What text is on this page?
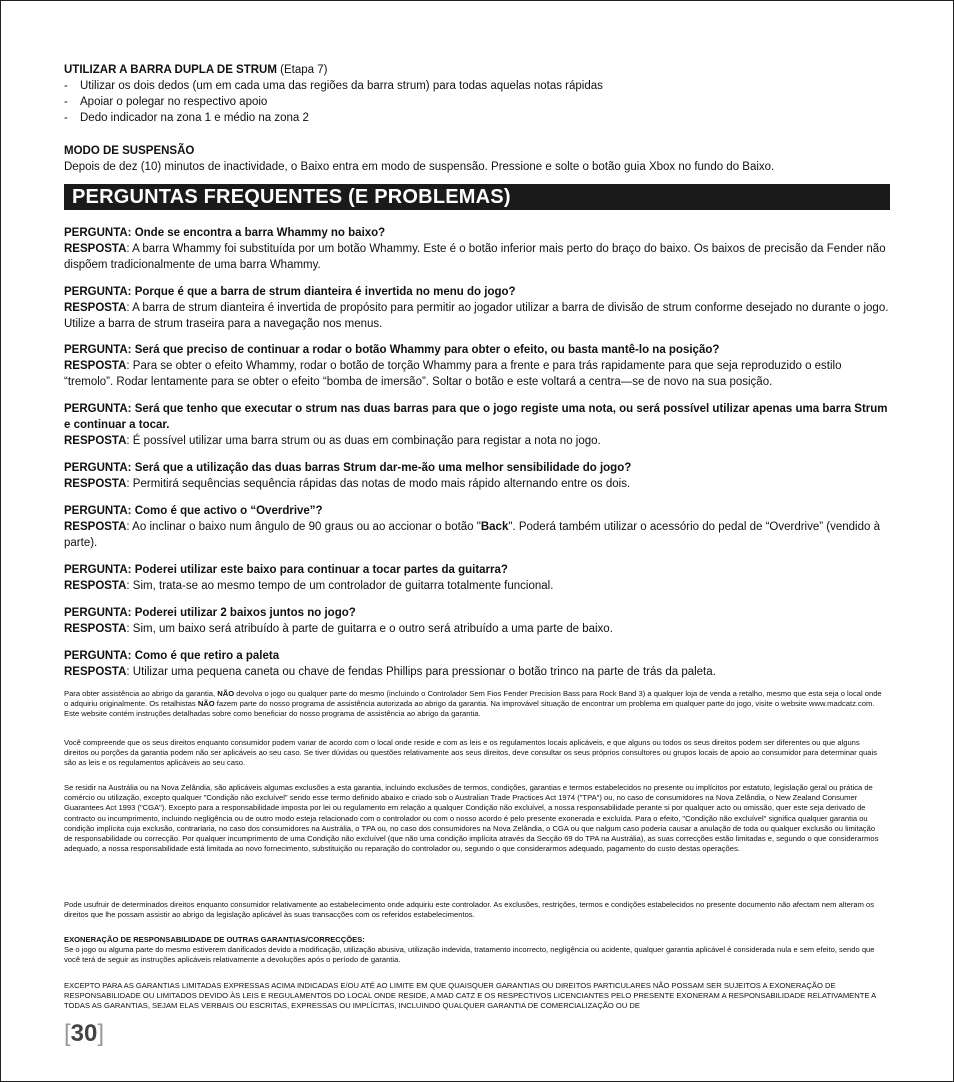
UTILIZAR A BARRA DUPLA DE STRUM (Etapa 7)
-	Utilizar os dois dedos (um em cada uma das regiões da barra strum) para todas aquelas notas rápidas
-	Apoiar o polegar no respectivo apoio
-	Dedo indicador na zona 1 e médio na zona 2
MODO DE SUSPENSÃO
Depois de dez (10) minutos de inactividade, o Baixo entra em modo de suspensão. Pressione e solte o botão guia Xbox no fundo do Baixo.
PERGUNTAS FREQUENTES (E PROBLEMAS)
PERGUNTA: Onde se encontra a barra Whammy no baixo?
RESPOSTA: A barra Whammy foi substituída por um botão Whammy. Este é o botão inferior mais perto do braço do baixo. Os baixos de precisão da Fender não dispõem tradicionalmente de uma barra Whammy.
PERGUNTA: Porque é que a barra de strum dianteira é invertida no menu do jogo?
RESPOSTA: A barra de strum dianteira é invertida de propósito para permitir ao jogador utilizar a barra de divisão de strum conforme desejado no durante o jogo. Utilize a barra de strum traseira para a navegação nos menus.
PERGUNTA: Será que preciso de continuar a rodar o botão Whammy para obter o efeito, ou basta mantê-lo na posição?
RESPOSTA: Para se obter o efeito Whammy, rodar o botão de torção Whammy para a frente e para trás rapidamente para que seja reproduzido o estilo “tremolo”. Rodar lentamente para se obter o efeito “bomba de imersão”. Soltar o botão e este voltará a centra—se de novo na sua posição.
PERGUNTA: Será que tenho que executar o strum nas duas barras para que o jogo registe uma nota, ou será possível utilizar apenas uma barra Strum e continuar a tocar.
RESPOSTA: É possível utilizar uma barra strum ou as duas em combinação para registar a nota no jogo.
PERGUNTA: Será que a utilização das duas barras Strum dar-me-ão uma melhor sensibilidade do jogo?
RESPOSTA: Permitirá sequências sequência rápidas das notas de modo mais rápido alternando entre os dois.
PERGUNTA: Como é que activo o “Overdrive”?
RESPOSTA: Ao inclinar o baixo num ângulo de 90 graus ou ao accionar o botão "Back". Poderá também utilizar o acessório do pedal de “Overdrive” (vendido à parte).
PERGUNTA: Poderei utilizar este baixo para continuar a tocar partes da guitarra?
RESPOSTA: Sim, trata-se ao mesmo tempo de um controlador de guitarra totalmente funcional.
PERGUNTA: Poderei utilizar 2 baixos juntos no jogo?
RESPOSTA: Sim, um baixo será atribuído à parte de guitarra e o outro será atribuído a uma parte de baixo.
PERGUNTA: Como é que retiro a paleta
RESPOSTA: Utilizar uma pequena caneta ou chave de fendas Phillips para pressionar o botão trinco na parte de trás da paleta.
Para obter assistência ao abrigo da garantia, NÃO devolva o jogo ou qualquer parte do mesmo (incluindo o Controlador Sem Fios Fender Precision Bass para Rock Band 3) a qualquer loja de venda a retalho, mesmo que esta seja o local onde o adquiriu originalmente. Os retalhistas NÃO fazem parte do nosso programa de assistência autorizada ao abrigo da garantia. Na improvável situação de encontrar um problema em qualquer parte do jogo, visite o website www.madcatz.com. Este website contém instruções detalhadas sobre como beneficiar do nosso programa de assistência ao abrigo da garantia.
Você compreende que os seus direitos enquanto consumidor podem variar de acordo com o local onde reside e com as leis e os regulamentos locais aplicáveis, e que alguns ou todos os seus direitos podem ser diferentes ou que alguns direitos ou porções da garantia podem não ser aplicáveis ao seu caso. Se tiver dúvidas ou questões relativamente aos seus direitos, deve consultar os seus próprios consultores ou grupos locais de apoio ao consumidor para determinar quais são as leis e os regulamentos aplicáveis ao seu caso.
Se residir na Austrália ou na Nova Zelândia, são aplicáveis algumas exclusões a esta garantia, incluindo exclusões de termos, condições, garantias e termos estabelecidos no presente ou implícitos por estatuto, legislação geral ou prática de comércio ou utilização, excepto qualquer "Condição não excluível" sendo esse termo definido abaixo e criado sob o Australian Trade Practices Act 1974 ("TPA") ou, no caso de consumidores na Nova Zelândia, o New Zealand Consumer Guarantees Act 1993 ("CGA"). Excepto para a responsabilidade imposta por lei ou regulamento em relação a qualquer Condição não excluível, a nossa responsabilidade perante si por qualquer acto ou omissão, quer este seja derivado de contracto ou incumprimento, incluindo negligência ou de outro modo esteja relacionado com o controlador ou com o nosso acordo é pelo presente exonerada e excluída. Para o efeito, "Condição não excluível" significa qualquer garantia ou condição implícita cuja exclusão, contrariaria, no caso dos consumidores na Austrália, o TPA ou, no caso dos consumidores na Nova Zelândia, o CGA ou que nalgum caso poderia causar a anulação de toda ou qualquer exclusão ou limitação de responsabilidade ou correcção. Por qualquer incumprimento de uma Condição não excluível (que não uma condição implícita através da Secção 69 do TPA na Austrália), as suas correcções estão limitadas e, segundo o que considerarmos adequado, a nossa responsabilidade está limitada ao novo fornecimento, substituição ou reparação do controlador ou, segundo o que considerarmos adequado, pagamento do custo destas operações.
Pode usufruir de determinados direitos enquanto consumidor relativamente ao estabelecimento onde adquiriu este controlador. As exclusões, restrições, termos e condições estabelecidos no presente documento não afectam nem alteram os direitos que lhe possam assistir ao abrigo da legislação aplicável às suas transacções com os referidos estabelecimentos.
EXONERAÇÃO DE RESPONSABILIDADE DE OUTRAS GARANTIAS/CORRECÇÕES:
Se o jogo ou alguma parte do mesmo estiverem danificados devido a modificação, utilização abusiva, utilização indevida, tratamento incorrecto, negligência ou acidente, qualquer garantia aplicável é considerada nula e sem efeito, sendo que você terá de seguir as instruções aplicáveis relativamente a devoluções após o período de garantia.
EXCEPTO PARA AS GARANTIAS LIMITADAS EXPRESSAS ACIMA INDICADAS E/OU ATÉ AO LIMITE EM QUE QUAISQUER GARANTIAS OU DIREITOS PARTICULARES NÃO POSSAM SER SUJEITOS A EXONERAÇÃO DE RESPONSABILIDADE OU LIMITADOS DEVIDO ÀS LEIS E REGULAMENTOS DO LOCAL ONDE RESIDE, A MAD CATZ E OS RESPECTIVOS LICENCIANTES PELO PRESENTE EXONERAM A RESPONSABILIDADE RELATIVAMENTE A TODAS AS GARANTIAS, SEJAM ELAS VERBAIS OU ESCRITAS, EXPRESSAS OU IMPLÍCITAS, INCLUINDO QUALQUER GARANTIA DE COMERCIALIZAÇÃO OU DE
[30]
